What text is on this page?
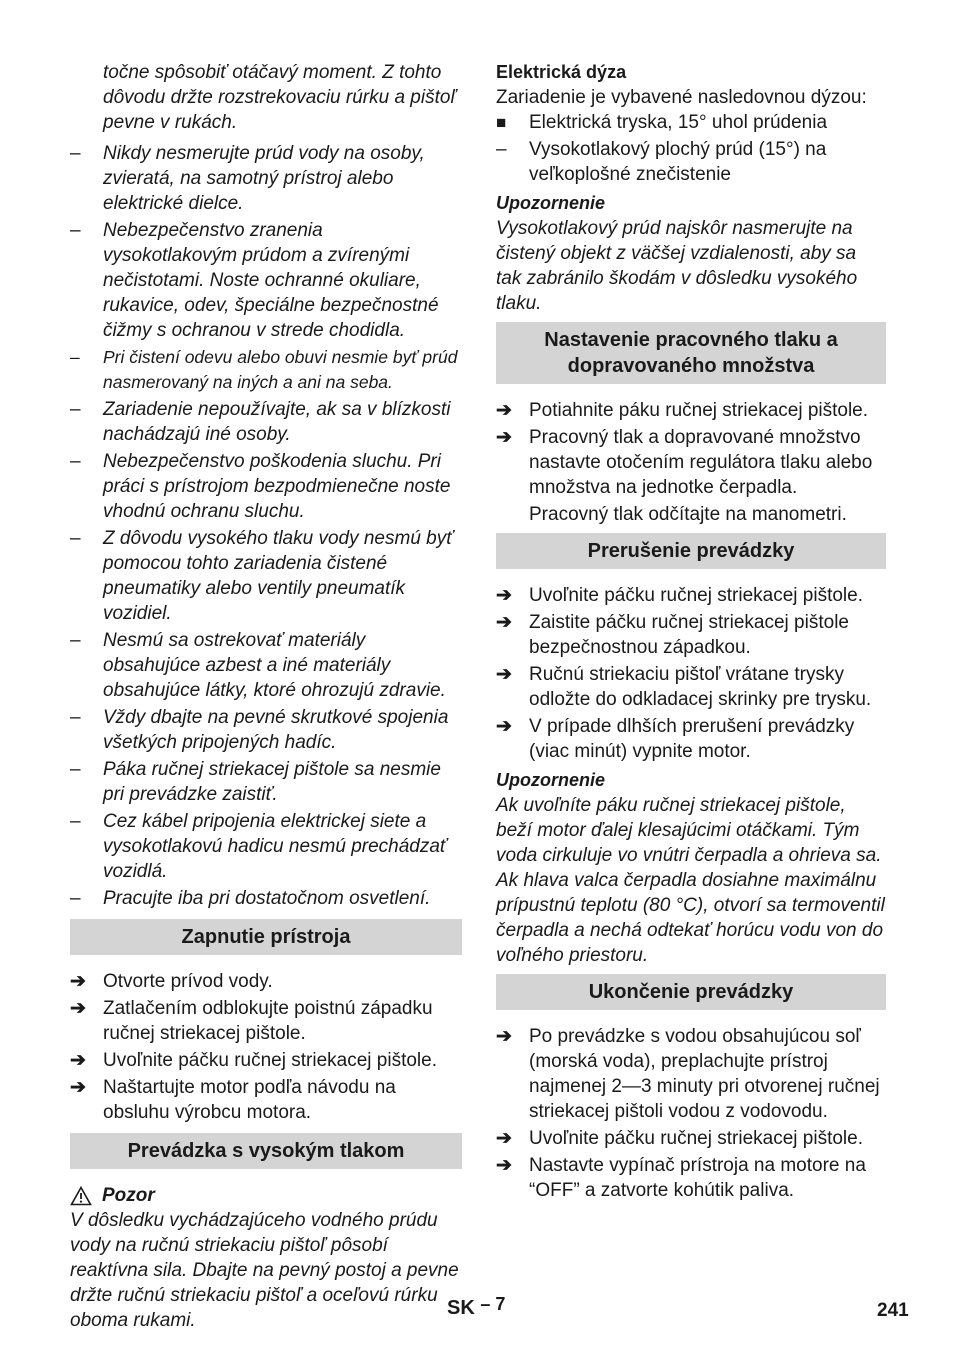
točne spôsobiť otáčavý moment. Z tohto dôvodu držte rozstrekovaciu rúrku a pištoľ pevne v rukách.

–	Nikdy nesmerujte prúd vody na osoby, zvieratá, na samotný prístroj alebo elektrické dielce.
–	Nebezpečenstvo zranenia vysokotlakovým prúdom a zvírenými nečistotami. Noste ochranné okuliare, rukavice, odev, špeciálne bezpečnostné čižmy s ochranou v strede chodidla.
–	Pri čistení odevu alebo obuvi nesmie byť prúd nasmerovaný na iných a ani na seba.
–	Zariadenie nepoužívajte, ak sa v blízkosti nachádzajú iné osoby.
–	Nebezpečenstvo poškodenia sluchu. Pri práci s prístrojom bezpodmienečne noste vhodnú ochranu sluchu.
–	Z dôvodu vysokého tlaku vody nesmú byť pomocou tohto zariadenia čistené pneumatiky alebo ventily pneumatík vozidiel.
–	Nesmú sa ostrekovať materiály obsahujúce azbest a iné materiály obsahujúce látky, ktoré ohrozujú zdravie.
–	Vždy dbajte na pevné skrutkové spojenia všetkých pripojených hadíc.
–	Páka ručnej striekacej pištole sa nesmie pri prevádzke zaistiť.
–	Cez kábel pripojenia elektrickej siete a vysokotlakovú hadicu nesmú prechádzať vozidlá.
–	Pracujte iba pri dostatočnom osvetlení.
Zapnutie prístroja
➔ Otvorte prívod vody.
➔ Zatlačením odblokujte poistnú západku ručnej striekacej pištole.
➔ Uvoľnite páčku ručnej striekacej pištole.
➔ Naštartujte motor podľa návodu na obsluhu výrobcu motora.
Prevádzka s vysokým tlakom
Pozor

V dôsledku vychádzajúceho vodného prúdu vody na ručnú striekaciu pištoľ pôsobí reaktívna sila. Dbajte na pevný postoj a pevne držte ručnú striekaciu pištoľ a oceľovú rúrku oboma rukami.

Elektrická dýza

Zariadenie je vybavené nasledovnou dýzou:

■	Elektrická tryska, 15° uhol prúdenia
–	Vysokotlakový plochý prúd (15°) na veľkoplošné znečistenie

Upozornenie

Vysokotlakový prúd najskôr nasmerujte na čistený objekt z väčšej vzdialenosti, aby sa tak zabránilo škodám v dôsledku vysokého tlaku.

Nastavenie pracovného tlaku a dopravovaného množstva
➔ Potiahnite páku ručnej striekacej pištole.
➔ Pracovný tlak a dopravované množstvo nastavte otočením regulátora tlaku alebo množstva na jednotke čerpadla.

Pracovný tlak odčítajte na manometri.

Prerušenie prevádzky
➔ Uvoľnite páčku ručnej striekacej pištole.
➔ Zaistite páčku ručnej striekacej pištole bezpečnostnou západkou.
➔ Ručnú striekaciu pištoľ vrátane trysky odložte do odkladacej skrinky pre trysku.
➔ V prípade dlhších prerušení prevádzky (viac minút) vypnite motor.

Upozornenie

Ak uvoľníte páku ručnej striekacej pištole, beží motor ďalej klesajúcimi otáčkami. Tým voda cirkuluje vo vnútri čerpadla a ohrieva sa. Ak hlava valca čerpadla dosiahne maximálnu prípustnú teplotu (80 °C), otvorí sa termoventil čerpadla a nechá odtekať horúcu vodu von do voľného priestoru.

Ukončenie prevádzky
➔ Po prevádzke s vodou obsahujúcou soľ (morská voda), preplachujte prístroj najmenej 2—3 minuty pri otvorenej ručnej striekacej pištoli vodou z vodovodu.
➔ Uvoľnite páčku ručnej striekacej pištole.
➔ Nastavte vypínač prístroja na motore na “OFF” a zatvorte kohútik paliva.
SK – 7	241
